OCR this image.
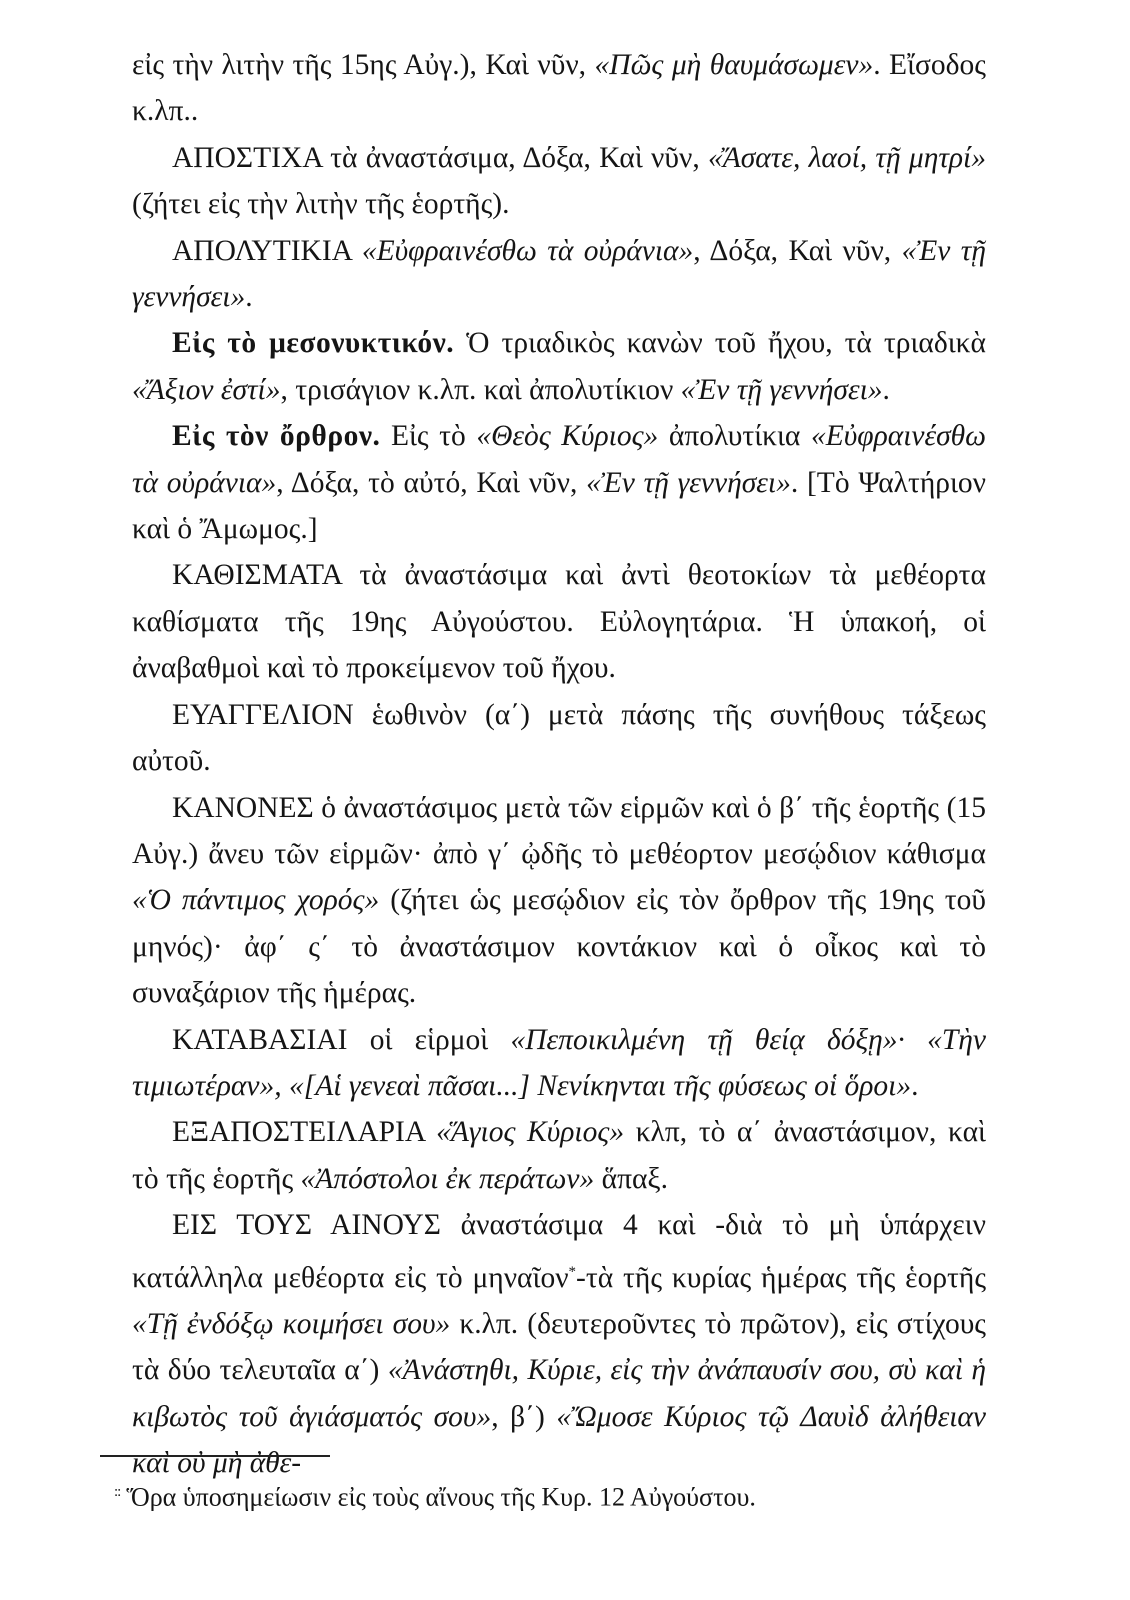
εἰς τὴν λιτὴν τῆς 15ης Αὐγ.), Καὶ νῦν, «Πῶς μὴ θαυμάσωμεν». Εἴσοδος κ.λπ..

ΑΠΟΣΤΙΧΑ τὰ ἀναστάσιμα, Δόξα, Καὶ νῦν, «Ἄσατε, λαοί, τῇ μητρί» (ζήτει εἰς τὴν λιτὴν τῆς ἑορτῆς).

ΑΠΟΛΥΤΙΚΙΑ «Εὐφραινέσθω τὰ οὐράνια», Δόξα, Καὶ νῦν, «Ἐν τῇ γεννήσει».

Εἰς τὸ μεσονυκτικόν. Ὁ τριαδικὸς κανὼν τοῦ ἤχου, τὰ τριαδικὰ «Ἄξιον ἐστί», τρισάγιον κ.λπ. καὶ ἀπολυτίκιον «Ἐν τῇ γεννήσει».

Εἰς τὸν ὄρθρον. Εἰς τὸ «Θεὸς Κύριος» ἀπολυτίκια «Εὐφραινέσθω τὰ οὐράνια», Δόξα, τὸ αὐτό, Καὶ νῦν, «Ἐν τῇ γεννήσει». [Τὸ Ψαλτήριον καὶ ὁ Ἄμωμος.]

ΚΑΘΙΣΜΑΤΑ τὰ ἀναστάσιμα καὶ ἀντὶ θεοτοκίων τὰ μεθέορτα καθίσματα τῆς 19ης Αὐγούστου. Εὐλογητάρια. Ἡ ὑπακοή, οἱ ἀναβαθμοὶ καὶ τὸ προκείμενον τοῦ ἤχου.

ΕΥΑΓΓΕΛΙΟΝ ἑωθινὸν (α΄) μετὰ πάσης τῆς συνήθους τάξεως αὐτοῦ.

ΚΑΝΟΝΕΣ ὁ ἀναστάσιμος μετὰ τῶν εἱρμῶν καὶ ὁ β΄ τῆς ἑορτῆς (15 Αὐγ.) ἄνευ τῶν εἱρμῶν· ἀπὸ γ΄ ᾠδῆς τὸ μεθέορτον μεσῴδιον κάθισμα «Ὁ πάντιμος χορός» (ζήτει ὡς μεσῴδιον εἰς τὸν ὄρθρον τῆς 19ης τοῦ μηνός)· ἀφ΄ ς΄ τὸ ἀναστάσιμον κοντάκιον καὶ ὁ οἶκος καὶ τὸ συναξάριον τῆς ἡμέρας.

ΚΑΤΑΒΑΣΙΑΙ οἱ εἱρμοὶ «Πεποικιλμένη τῇ θείᾳ δόξῃ»· «Τὴν τιμιωτέραν», «[Αἱ γενεαὶ πᾶσαι...] Νενίκηνται τῆς φύσεως οἱ ὅροι».

ΕΞΑΠΟΣΤΕΙΛΑΡΙΑ «Ἅγιος Κύριος» κλπ, τὸ α΄ ἀναστάσιμον, καὶ τὸ τῆς ἑορτῆς «Ἀπόστολοι ἐκ περάτων» ἅπαξ.

ΕΙΣ ΤΟΥΣ ΑΙΝΟΥΣ ἀναστάσιμα 4 καὶ -διὰ τὸ μὴ ὑπάρχειν κατάλληλα μεθέορτα εἰς τὸ μηναῖον*-τὰ τῆς κυρίας ἡμέρας τῆς ἑορτῆς «Τῇ ἐνδόξῳ κοιμήσει σου» κ.λπ. (δευτεροῦντες τὸ πρῶτον), εἰς στίχους τὰ δύο τελευταῖα α΄) «Ἀνάστηθι, Κύριε, εἰς τὴν ἀνάπαυσίν σου, σὺ καὶ ἡ κιβωτὸς τοῦ ἁγιάσματός σου», β΄) «Ὤμοσε Κύριος τῷ Δαυὶδ ἀλήθειαν καὶ οὐ μὴ ἀθε-

:: Ὅρα ὑποσημείωσιν εἰς τοὺς αἴνους τῆς Κυρ. 12 Αὐγούστου.
